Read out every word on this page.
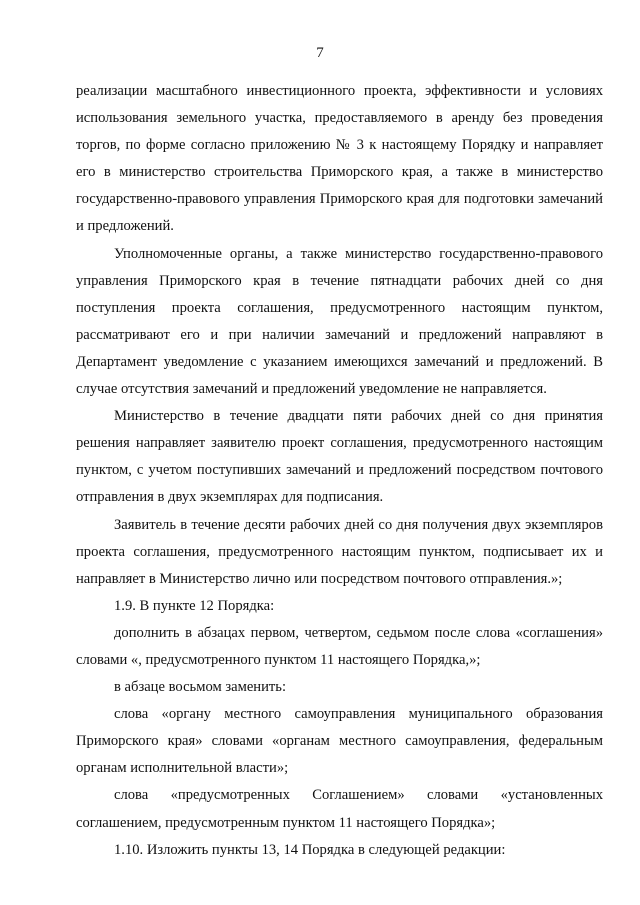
7

реализации масштабного инвестиционного проекта, эффективности и условиях использования земельного участка, предоставляемого в аренду без проведения торгов, по форме согласно приложению № 3 к настоящему Порядку и направляет его в министерство строительства Приморского края, а также в министерство государственно-правового управления Приморского края для подготовки замечаний и предложений.

Уполномоченные органы, а также министерство государственно-правового управления Приморского края в течение пятнадцати рабочих дней со дня поступления проекта соглашения, предусмотренного настоящим пунктом, рассматривают его и при наличии замечаний и предложений направляют в Департамент уведомление с указанием имеющихся замечаний и предложений. В случае отсутствия замечаний и предложений уведомление не направляется.

Министерство в течение двадцати пяти рабочих дней со дня принятия решения направляет заявителю проект соглашения, предусмотренного настоящим пунктом, с учетом поступивших замечаний и предложений посредством почтового отправления в двух экземплярах для подписания.

Заявитель в течение десяти рабочих дней со дня получения двух экземпляров проекта соглашения, предусмотренного настоящим пунктом, подписывает их и направляет в Министерство лично или посредством почтового отправления.»;

1.9. В пункте 12 Порядка:

дополнить в абзацах первом, четвертом, седьмом после слова «соглашения» словами «, предусмотренного пунктом 11 настоящего Порядка,»;

в абзаце восьмом заменить:

слова «органу местного самоуправления муниципального образования Приморского края» словами «органам местного самоуправления, федеральным органам исполнительной власти»;

слова «предусмотренных Соглашением» словами «установленных соглашением, предусмотренным пунктом 11 настоящего Порядка»;

1.10. Изложить пункты 13, 14 Порядка в следующей редакции:
